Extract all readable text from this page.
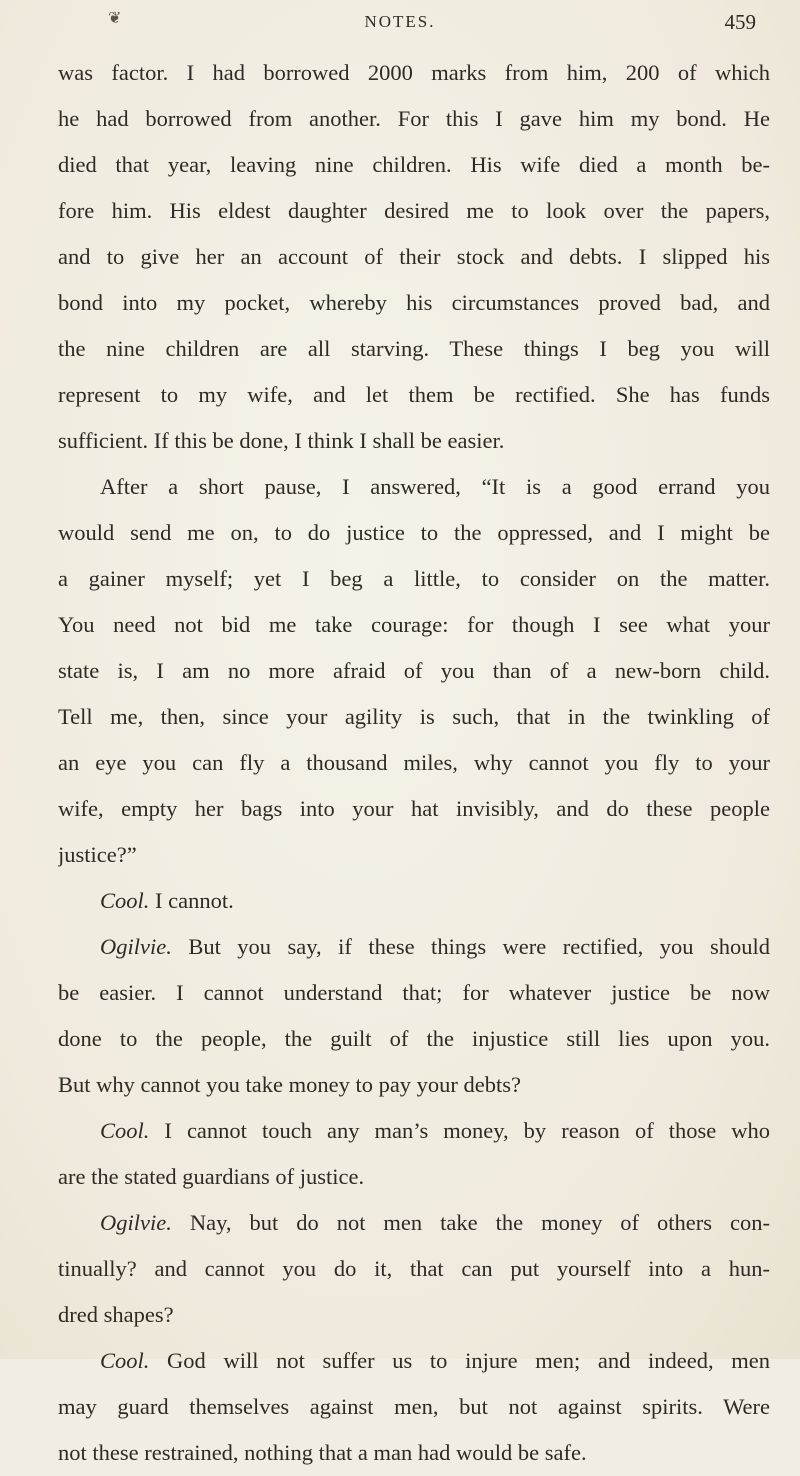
❦	NOTES.	459
was factor. I had borrowed 2000 marks from him, 200 of which
he had borrowed from another. For this I gave him my bond. He
died that year, leaving nine children. His wife died a month be-
fore him. His eldest daughter desired me to look over the papers,
and to give her an account of their stock and debts. I slipped his
bond into my pocket, whereby his circumstances proved bad, and
the nine children are all starving. These things I beg you will
represent to my wife, and let them be rectified. She has funds
sufficient. If this be done, I think I shall be easier.
After a short pause, I answered, “It is a good errand you
would send me on, to do justice to the oppressed, and I might be
a gainer myself; yet I beg a little, to consider on the matter.
You need not bid me take courage: for though I see what your
state is, I am no more afraid of you than of a new-born child.
Tell me, then, since your agility is such, that in the twinkling of
an eye you can fly a thousand miles, why cannot you fly to your
wife, empty her bags into your hat invisibly, and do these people
justice?”
Cool. I cannot.
Ogilvie. But you say, if these things were rectified, you should
be easier. I cannot understand that; for whatever justice be now
done to the people, the guilt of the injustice still lies upon you.
But why cannot you take money to pay your debts?
Cool. I cannot touch any man’s money, by reason of those who
are the stated guardians of justice.
Ogilvie. Nay, but do not men take the money of others con-
tinually? and cannot you do it, that can put yourself into a hun-
dred shapes?
Cool. God will not suffer us to injure men; and indeed, men
may guard themselves against men, but not against spirits. Were
not these restrained, nothing that a man had would be safe.
